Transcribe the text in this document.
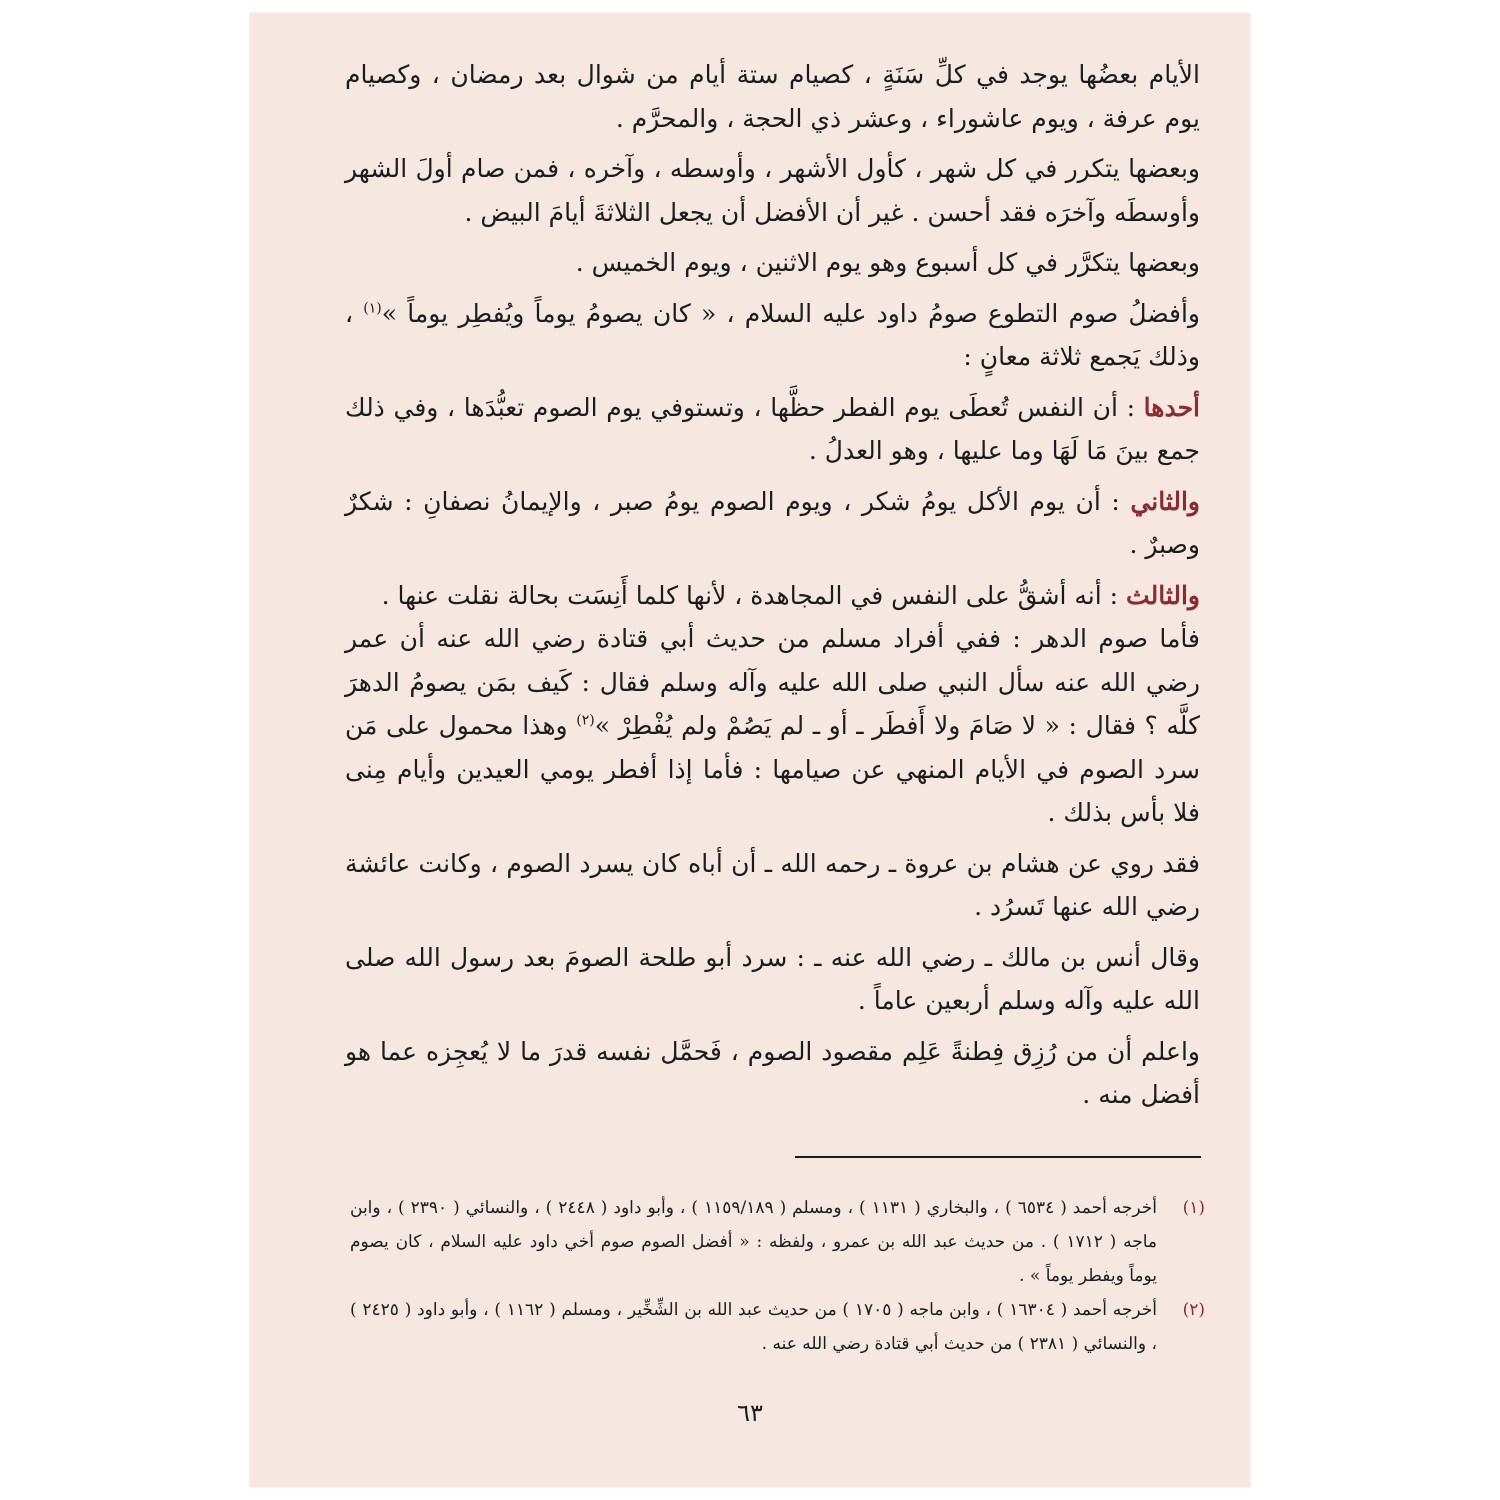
الأيام بعضُها يوجد في كلِّ سَنَةٍ ، كصيام ستة أيام من شوال بعد رمضان ، وكصيام يوم عرفة ، ويوم عاشوراء ، وعشر ذي الحجة ، والمحرَّم .

وبعضها يتكرر في كل شهر ، كأول الأشهر ، وأوسطه ، وآخره ، فمن صام أولَ الشهر وأوسطَه وآخرَه فقد أحسن . غير أن الأفضل أن يجعل الثلاثةَ أيامَ البيض .

وبعضها يتكرَّر في كل أسبوع وهو يوم الاثنين ، ويوم الخميس .

وأفضلُ صوم التطوع صومُ داود عليه السلام ، « كان يصومُ يوماً ويُفطِر يوماً »$^{(١)}$ ، وذلك يَجمع ثلاثة معانٍ :

أحدها : أن النفس تُعطَى يوم الفطر حظَّها ، وتستوفي يوم الصوم تعبُّدَها ، وفي ذلك جمع بينَ مَا لَهَا وما عليها ، وهو العدلُ .

والثاني : أن يوم الأكل يومُ شكر ، ويوم الصوم يومُ صبر ، والإيمانُ نصفانِ : شكرٌ وصبرٌ .

والثالث : أنه أشقُّ على النفس في المجاهدة ، لأنها كلما أَنِسَت بحالة نقلت عنها .

فأما صوم الدهر : ففي أفراد مسلم من حديث أبي قتادة رضي الله عنه أن عمر رضي الله عنه سأل النبي صلى الله عليه وآله وسلم فقال : كَيف بمَن يصومُ الدهرَ كلَّه ؟ فقال : « لا صَامَ ولا أَفطَر ـ أو ـ لم يَصُمْ ولم يُفْطِرْ »$^{(٢)}$ وهذا محمول على مَن سرد الصوم في الأيام المنهي عن صيامها : فأما إذا أفطر يومي العيدين وأيام مِنى فلا بأس بذلك .

فقد روي عن هشام بن عروة ـ رحمه الله ـ أن أباه كان يسرد الصوم ، وكانت عائشة رضي الله عنها تَسرُد .

وقال أنس بن مالك ـ رضي الله عنه ـ : سرد أبو طلحة الصومَ بعد رسول الله صلى الله عليه وآله وسلم أربعين عاماً .

واعلم أن من رُزِق فِطنةً عَلِم مقصود الصوم ، فَحمَّل نفسه قدرَ ما لا يُعجِزه عما هو أفضل منه .

(١)
أخرجه أحمد ( ٦٥٣٤ ) ، والبخاري ( ١١٣١ ) ، ومسلم ( ١١٥٩/١٨٩ ) ، وأبو داود ( ٢٤٤٨ ) ، والنسائي ( ٢٣٩٠ ) ، وابن ماجه ( ١٧١٢ ) . من حديث عبد الله بن عمرو ، ولفظه : « أفضل الصوم صوم أخي داود عليه السلام ، كان يصوم يوماً ويفطر يوماً » .
(٢)
أخرجه أحمد ( ١٦٣٠٤ ) ، وابن ماجه ( ١٧٠٥ ) من حديث عبد الله بن الشِّخِّير ، ومسلم ( ١١٦٢ ) ، وأبو داود ( ٢٤٢٥ ) ، والنسائي ( ٢٣٨١ ) من حديث أبي قتادة رضي الله عنه .
٦٣
